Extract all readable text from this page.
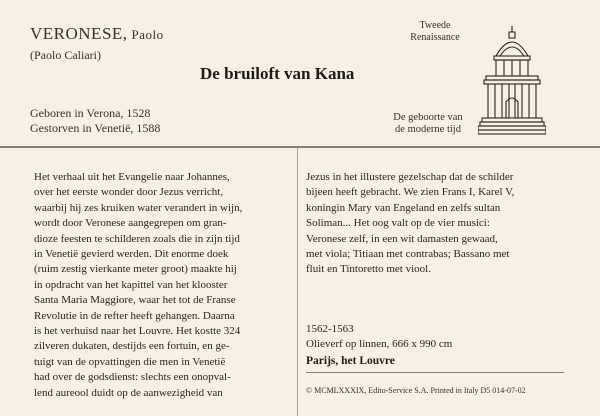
VERONESE, Paolo
(Paolo Caliari)
De bruiloft van Kana
Geboren in Verona, 1528
Gestorven in Venetië, 1588
Tweede
Renaissance
De geboorte van
de moderne tijd
Het verhaal uit het Evangelie naar Johannes,
over het eerste wonder door Jezus verricht,
waarbij hij zes kruiken water verandert in wijn,
wordt door Veronese aangegrepen om gran-
dioze feesten te schilderen zoals die in zijn tijd
in Venetië gevierd werden. Dit enorme doek
(ruim zestig vierkante meter groot) maakte hij
in opdracht van het kapittel van het klooster
Santa Maria Maggiore, waar het tot de Franse
Revolutie in de refter heeft gehangen. Daarna
is het verhuisd naar het Louvre. Het kostte 324
zilveren dukaten, destijds een fortuin, en ge-
tuigt van de opvattingen die men in Venetië
had over de godsdienst: slechts een onopval-
lend aureool duidt op de aanwezigheid van
Jezus in het illustere gezelschap dat de schilder
bijeen heeft gebracht. We zien Frans I, Karel V,
koningin Mary van Engeland en zelfs sultan
Soliman... Het oog valt op de vier musici:
Veronese zelf, in een wit damasten gewaad,
met viola; Titiaan met contrabas; Bassano met
fluit en Tintoretto met viool.
1562-1563
Olieverf op linnen, 666 x 990 cm
Parijs, het Louvre
© MCMLXXXIX, Edito-Service S.A. Printed in Italy D5 014-07-02
